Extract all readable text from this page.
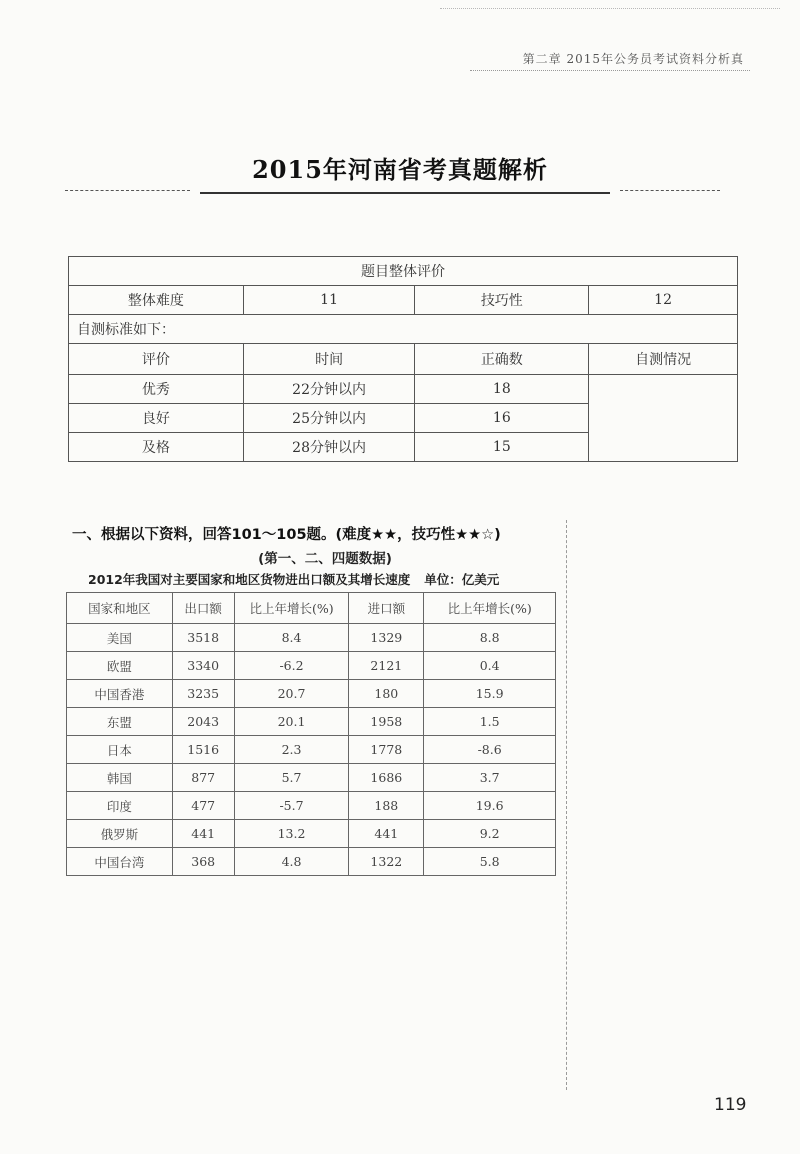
第二章 2015年公务员考试资料分析真
2015年河南省考真题解析
题目整体评价			
整体难度	11	技巧性	12
自测标准如下：			
评价	时间	正确数	自测情况
优秀	22分钟以内	18	
良好	25分钟以内	16	
及格	28分钟以内	15	
一、根据以下资料，回答101～105题。(难度★★，技巧性★★☆)
(第一、二、四题数据)
2012年我国对主要国家和地区货物进出口额及其增长速度 单位：亿美元
国家和地区	出口额	比上年增长(%)	进口额	比上年增长(%)
美国	3518	8.4	1329	8.8
欧盟	3340	-6.2	2121	0.4
中国香港	3235	20.7	180	15.9
东盟	2043	20.1	1958	1.5
日本	1516	2.3	1778	-8.6
韩国	877	5.7	1686	3.7
印度	477	-5.7	188	19.6
俄罗斯	441	13.2	441	9.2
中国台湾	368	4.8	1322	5.8
119
